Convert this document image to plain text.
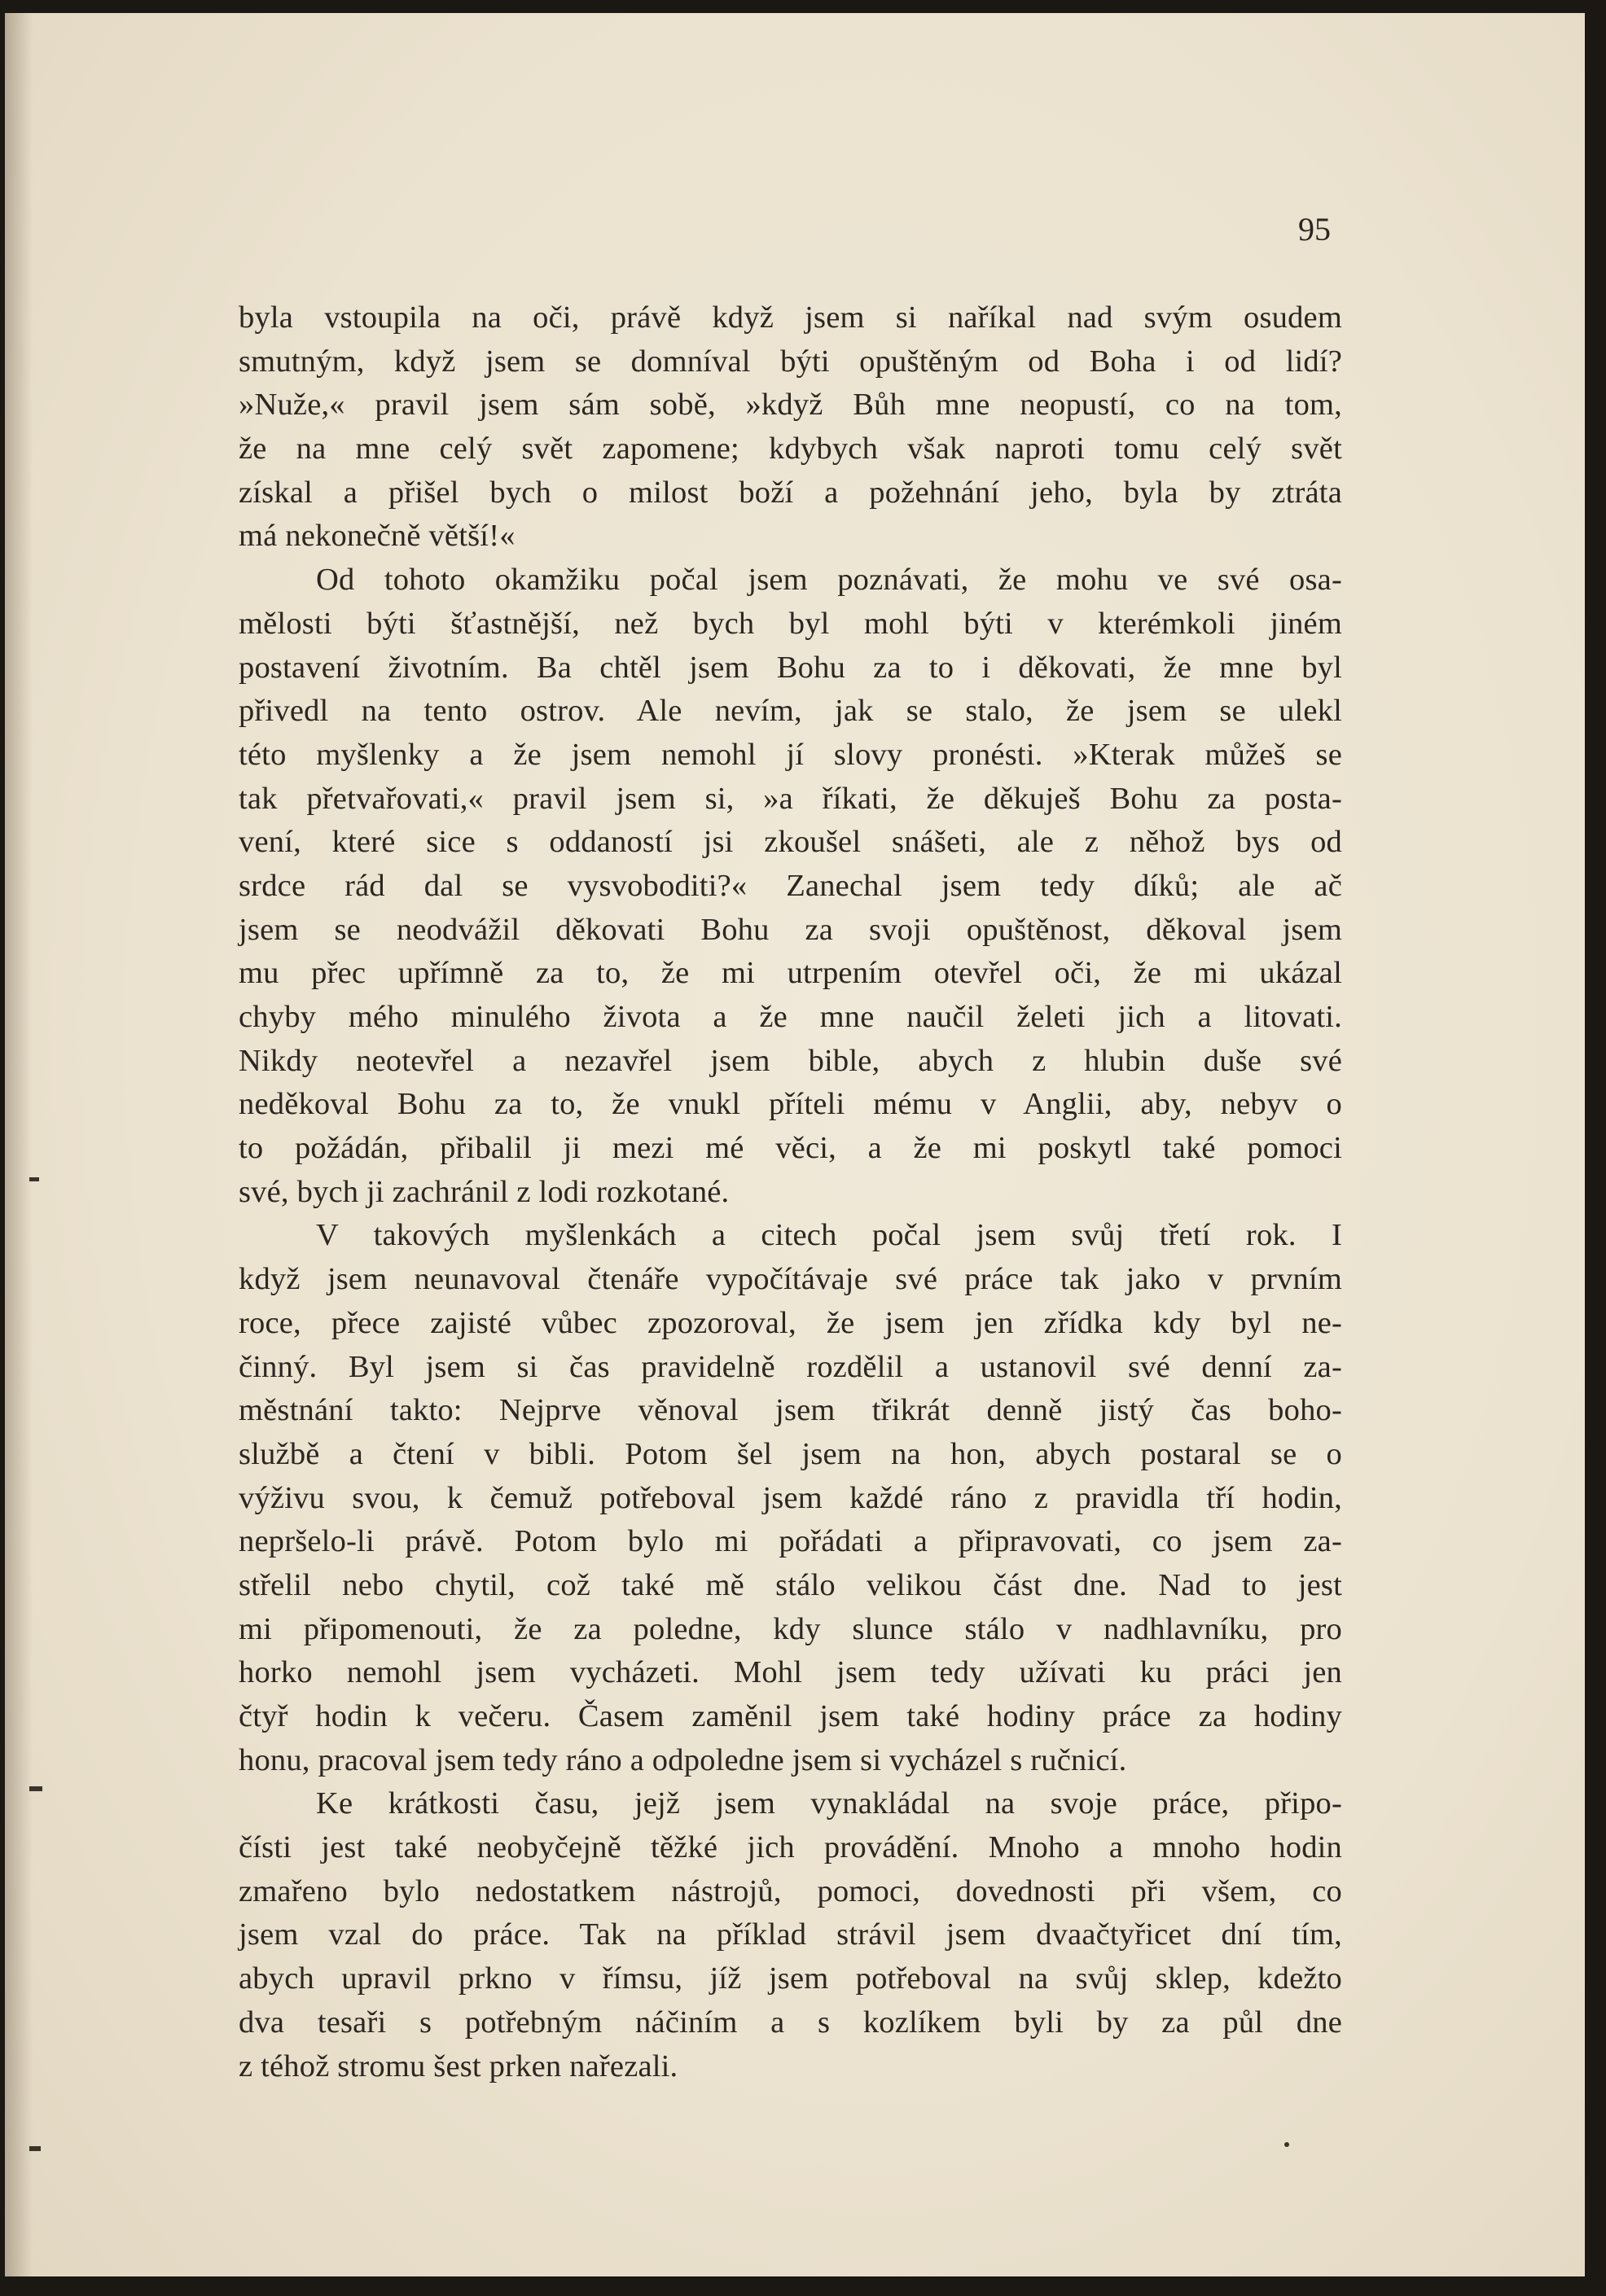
95
byla vstoupila na oči, právě když jsem si naříkal nad svým osudem
smutným, když jsem se domníval býti opuštěným od Boha i od lidí?
»Nuže,« pravil jsem sám sobě, »když Bůh mne neopustí, co na tom,
že na mne celý svět zapomene; kdybych však naproti tomu celý svět
získal a přišel bych o milost boží a požehnání jeho, byla by ztráta
má nekonečně větší!«
Od tohoto okamžiku počal jsem poznávati, že mohu ve své osa-
mělosti býti šťastnější, než bych byl mohl býti v kterémkoli jiném
postavení životním. Ba chtěl jsem Bohu za to i děkovati, že mne byl
přivedl na tento ostrov. Ale nevím, jak se stalo, že jsem se ulekl
této myšlenky a že jsem nemohl jí slovy pronésti. »Kterak můžeš se
tak přetvařovati,« pravil jsem si, »a říkati, že děkuješ Bohu za posta-
vení, které sice s oddaností jsi zkoušel snášeti, ale z něhož bys od
srdce rád dal se vysvoboditi?« Zanechal jsem tedy díků; ale ač
jsem se neodvážil děkovati Bohu za svoji opuštěnost, děkoval jsem
mu přec upřímně za to, že mi utrpením otevřel oči, že mi ukázal
chyby mého minulého života a že mne naučil želeti jich a litovati.
Nikdy neotevřel a nezavřel jsem bible, abych z hlubin duše své
neděkoval Bohu za to, že vnukl příteli mému v Anglii, aby, nebyv o
to požádán, přibalil ji mezi mé věci, a že mi poskytl také pomoci
své, bych ji zachránil z lodi rozkotané.
V takových myšlenkách a citech počal jsem svůj třetí rok. I
když jsem neunavoval čtenáře vypočítávaje své práce tak jako v prvním
roce, přece zajisté vůbec zpozoroval, že jsem jen zřídka kdy byl ne-
činný. Byl jsem si čas pravidelně rozdělil a ustanovil své denní za-
městnání takto: Nejprve věnoval jsem třikrát denně jistý čas boho-
službě a čtení v bibli. Potom šel jsem na hon, abych postaral se o
výživu svou, k čemuž potřeboval jsem každé ráno z pravidla tří hodin,
nepršelo-li právě. Potom bylo mi pořádati a připravovati, co jsem za-
střelil nebo chytil, což také mě stálo velikou část dne. Nad to jest
mi připomenouti, že za poledne, kdy slunce stálo v nadhlavníku, pro
horko nemohl jsem vycházeti. Mohl jsem tedy užívati ku práci jen
čtyř hodin k večeru. Časem zaměnil jsem také hodiny práce za hodiny
honu, pracoval jsem tedy ráno a odpoledne jsem si vycházel s ručnicí.
Ke krátkosti času, jejž jsem vynakládal na svoje práce, připo-
čísti jest také neobyčejně těžké jich provádění. Mnoho a mnoho hodin
zmařeno bylo nedostatkem nástrojů, pomoci, dovednosti při všem, co
jsem vzal do práce. Tak na příklad strávil jsem dvaačtyřicet dní tím,
abych upravil prkno v římsu, jíž jsem potřeboval na svůj sklep, kdežto
dva tesaři s potřebným náčiním a s kozlíkem byli by za půl dne
z téhož stromu šest prken nařezali.
